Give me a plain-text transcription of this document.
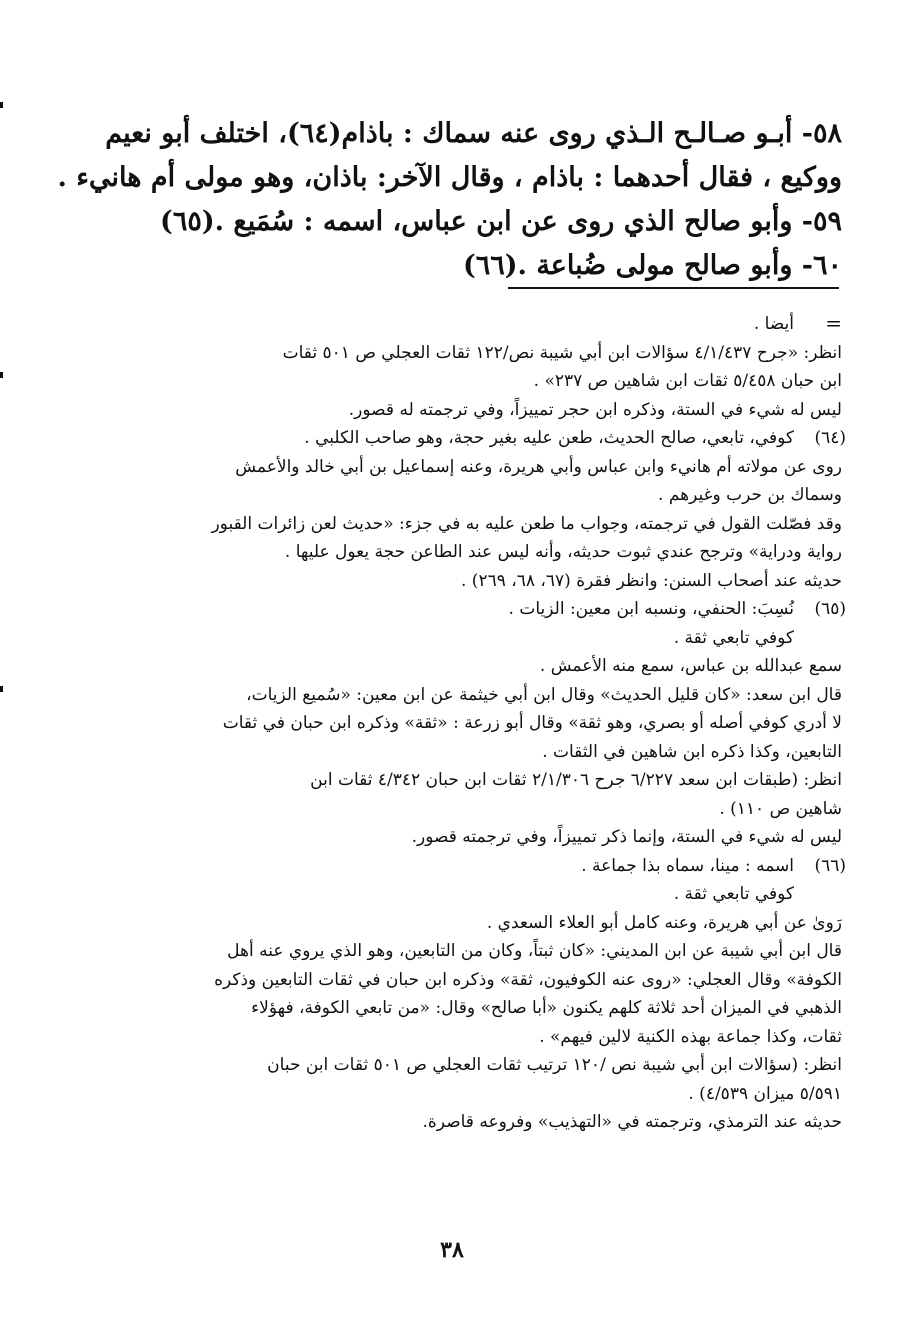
٥٨- أبـو صـالـح الـذي روى عنه سماك : باذام(٦٤)، اختلف أبو نعيم

ووكيع ، فقال أحدهما : باذام ، وقال الآخر: باذان، وهو مولى أم هانيء .

٥٩- وأبو صالح الذي روى عن ابن عباس، اسمه : سُمَيع .(٦٥)

٦٠- وأبو صالح مولى ضُباعة .(٦٦)

=

أيضا .

انظر: «جرح ٤/١/٤٣٧ سؤالات ابن أبي شيبة نص/١٢٢ ثقات العجلي ص ٥٠١ ثقات

ابن حبان ٥/٤٥٨ ثقات ابن شاهين ص ٢٣٧» .

ليس له شيء في الستة، وذكره ابن حجر تمييزاً، وفي ترجمته له قصور.

(٦٤)

كوفي، تابعي، صالح الحديث، طعن عليه بغير حجة، وهو صاحب الكلبي .

روى عن مولاته أم هانيء وابن عباس وأبي هريرة، وعنه إسماعيل بن أبي خالد والأعمش

وسماك بن حرب وغيرهم .

وقد فصّلت القول في ترجمته، وجواب ما طعن عليه به في جزء: «حديث لعن زائرات القبور

رواية ودراية» وترجح عندي ثبوت حديثه، وأنه ليس عند الطاعن حجة يعول عليها .

حديثه عند أصحاب السنن: وانظر فقرة (٦٧، ٦٨، ٢٦٩) .

(٦٥)

نُسِبَ: الحنفي، ونسبه ابن معين: الزيات .

كوفي تابعي ثقة .

سمع عبدالله بن عباس، سمع منه الأعمش .

قال ابن سعد: «كان قليل الحديث» وقال ابن أبي خيثمة عن ابن معين: «سُميع الزيات،

لا أدري كوفي أصله أو بصري، وهو ثقة» وقال أبو زرعة : «ثقة» وذكره ابن حبان في ثقات

التابعين، وكذا ذكره ابن شاهين في الثقات .

انظر: (طبقات ابن سعد ٦/٢٢٧ جرح ٢/١/٣٠٦ ثقات ابن حبان ٤/٣٤٢ ثقات ابن

شاهين ص ١١٠) .

ليس له شيء في الستة، وإنما ذكر تمييزاً، وفي ترجمته قصور.

(٦٦)

اسمه : مينا، سماه بذا جماعة .

كوفي تابعي ثقة .

رَوىٰ عن أبي هريرة، وعنه كامل أبو العلاء السعدي .

قال ابن أبي شيبة عن ابن المديني: «كان ثبتاً، وكان من التابعين، وهو الذي يروي عنه أهل

الكوفة» وقال العجلي: «روى عنه الكوفيون، ثقة» وذكره ابن حبان في ثقات التابعين وذكره

الذهبي في الميزان أحد ثلاثة كلهم يكنون «أبا صالح» وقال: «من تابعي الكوفة، فهؤلاء

ثقات، وكذا جماعة بهذه الكنية لالين فيهم» .

انظر: (سؤالات ابن أبي شيبة نص /١٢٠ ترتيب ثقات العجلي ص ٥٠١ ثقات ابن حبان

٥/٥٩١ ميزان ٤/٥٣٩) .

حديثه عند الترمذي، وترجمته في «التهذيب» وفروعه قاصرة.

٣٨
